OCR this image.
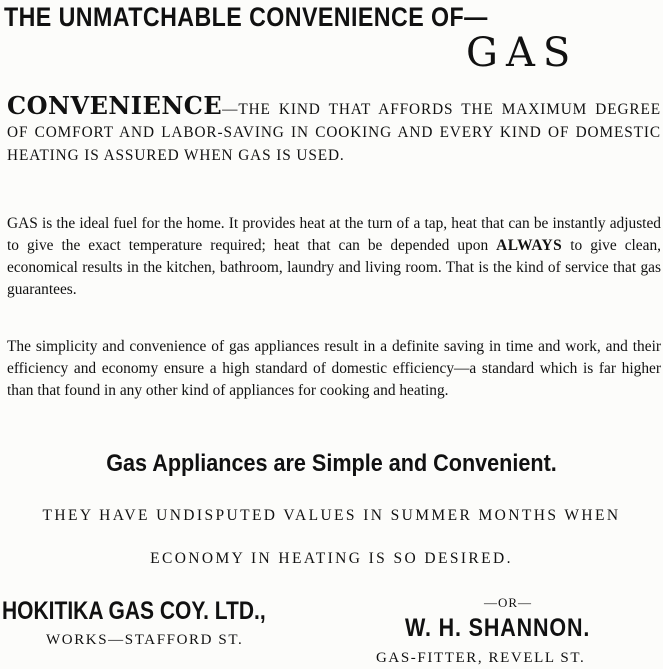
THE UNMATCHABLE CONVENIENCE OF—
GAS
CONVENIENCE—THE KIND THAT AFFORDS THE MAXIMUM DEGREE OF COMFORT AND LABOR-SAVING IN COOKING AND EVERY KIND OF DOMESTIC HEATING IS ASSURED WHEN GAS IS USED.
GAS is the ideal fuel for the home. It provides heat at the turn of a tap, heat that can be instantly adjusted to give the exact temperature required; heat that can be depended upon ALWAYS to give clean, economical results in the kitchen, bathroom, laundry and living room. That is the kind of service that gas guarantees.
The simplicity and convenience of gas appliances result in a definite saving in time and work, and their efficiency and economy ensure a high standard of domestic efficiency—a standard which is far higher than that found in any other kind of appliances for cooking and heating.
Gas Appliances are Simple and Convenient.
THEY HAVE UNDISPUTED VALUES IN SUMMER MONTHS WHEN
ECONOMY IN HEATING IS SO DESIRED.
HOKITIKA GAS COY. LTD.,
WORKS—STAFFORD ST.
—OR—
W. H. SHANNON.
GAS-FITTER, REVELL ST.
